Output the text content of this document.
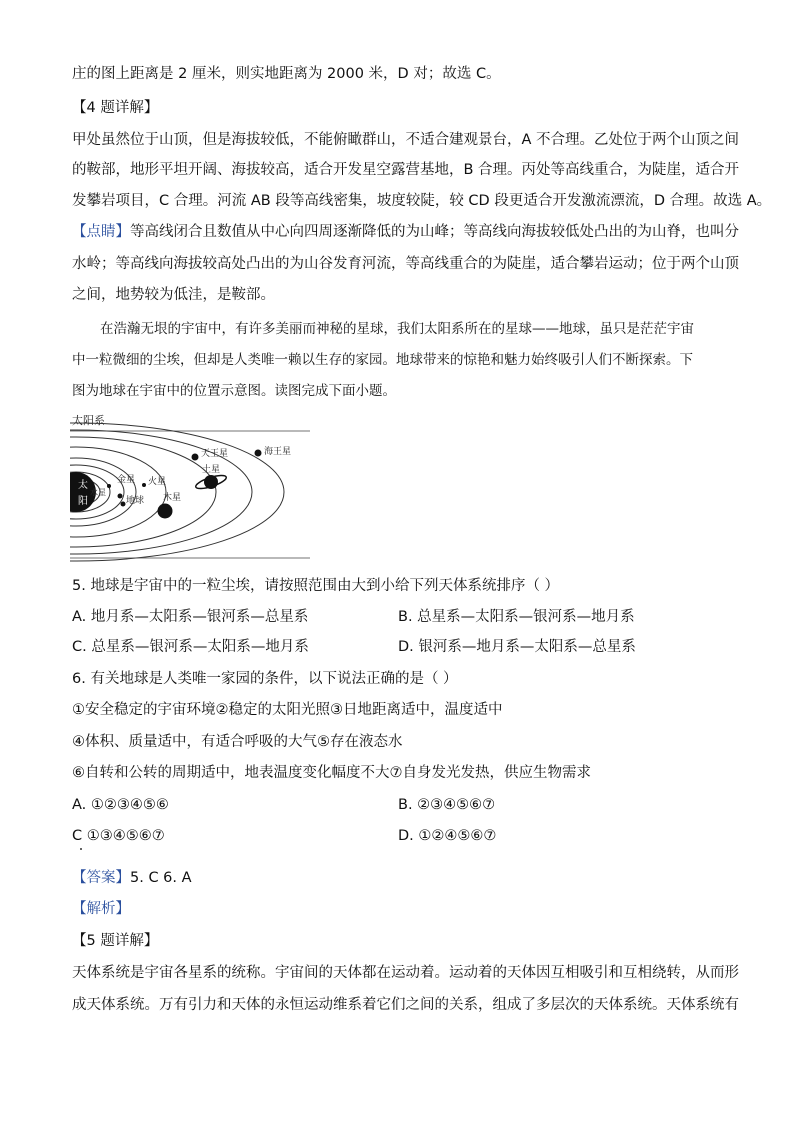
庄的图上距离是 2 厘米，则实地距离为 2000 米，D 对；故选 C。
【4 题详解】
甲处虽然位于山顶，但是海拔较低，不能俯瞰群山，不适合建观景台，A 不合理。乙处位于两个山顶之间
的鞍部，地形平坦开阔、海拔较高，适合开发星空露营基地，B 合理。丙处等高线重合，为陡崖，适合开
发攀岩项目，C 合理。河流 AB 段等高线密集，坡度较陡，较 CD 段更适合开发激流漂流，D 合理。故选 A。
【点睛】等高线闭合且数值从中心向四周逐渐降低的为山峰；等高线向海拔较低处凸出的为山脊，也叫分
水岭；等高线向海拔较高处凸出的为山谷发育河流，等高线重合的为陡崖，适合攀岩运动；位于两个山顶
之间，地势较为低洼，是鞍部。
在浩瀚无垠的宇宙中，有许多美丽而神秘的星球，我们太阳系所在的星球——地球，虽只是茫茫宇宙
中一粒微细的尘埃，但却是人类唯一赖以生存的家园。地球带来的惊艳和魅力始终吸引人们不断探索。下
图为地球在宇宙中的位置示意图。读图完成下面小题。
太阳系
太
阳
水星
金星
地球
火星
木星
土星
天王星	海王星
5. 地球是宇宙中的一粒尘埃，请按照范围由大到小给下列天体系统排序（ ）
A. 地月系—太阳系—银河系—总星系	B. 总星系—太阳系—银河系—地月系
C. 总星系—银河系—太阳系—地月系	D. 银河系—地月系—太阳系—总星系
6. 有关地球是人类唯一家园的条件，以下说法正确的是（ ）
①安全稳定的宇宙环境②稳定的太阳光照③日地距离适中，温度适中
④体积、质量适中，有适合呼吸的大气⑤存在液态水
⑥自转和公转的周期适中，地表温度变化幅度不大⑦自身发光发热，供应生物需求
A. ①②③④⑤⑥	B. ②③④⑤⑥⑦
C ①③④⑤⑥⑦	D. ①②④⑤⑥⑦
【答案】5. C 6. A
【解析】
【5 题详解】
天体系统是宇宙各星系的统称。宇宙间的天体都在运动着。运动着的天体因互相吸引和互相绕转，从而形
成天体系统。万有引力和天体的永恒运动维系着它们之间的关系，组成了多层次的天体系统。天体系统有
